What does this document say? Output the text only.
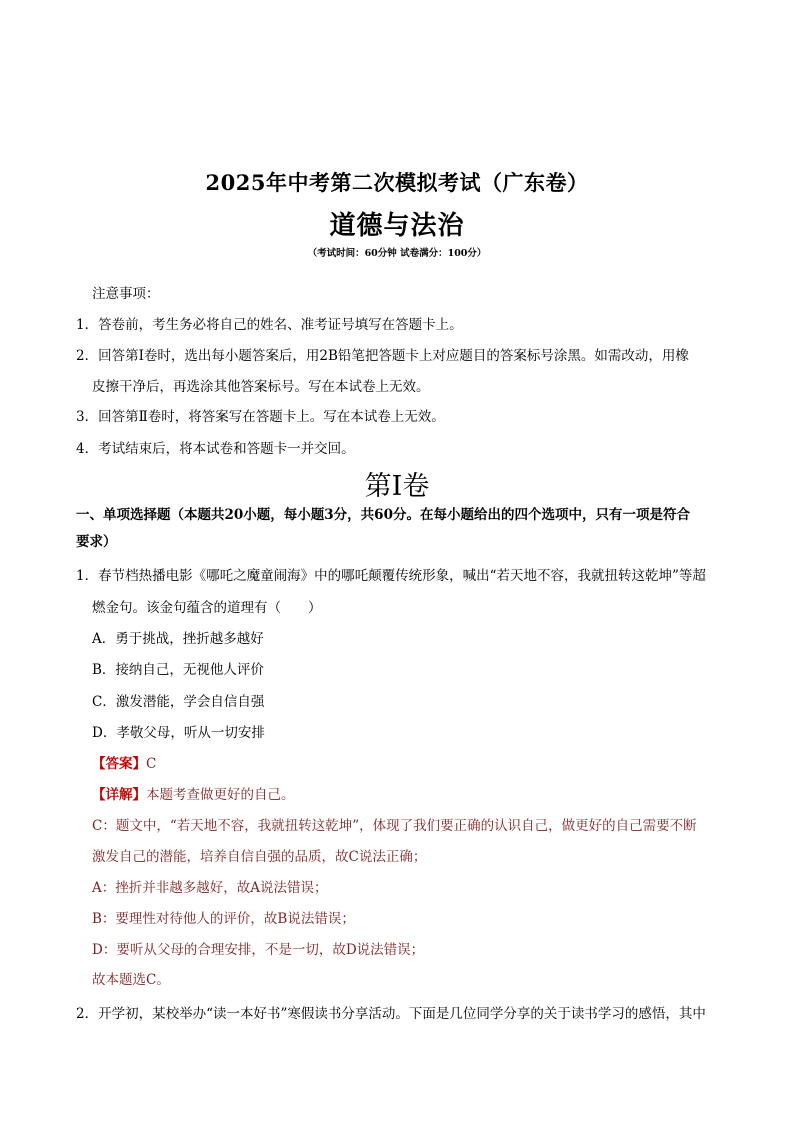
2025年中考第二次模拟考试（广东卷）
道德与法治
（考试时间：60分钟 试卷满分：100分）
注意事项：
1．答卷前，考生务必将自己的姓名、准考证号填写在答题卡上。
2．回答第Ⅰ卷时，选出每小题答案后，用2B铅笔把答题卡上对应题目的答案标号涂黑。如需改动，用橡
皮擦干净后，再选涂其他答案标号。写在本试卷上无效。
3．回答第Ⅱ卷时，将答案写在答题卡上。写在本试卷上无效。
4．考试结束后，将本试卷和答题卡一并交回。
第Ⅰ卷
一、单项选择题（本题共20小题，每小题3分，共60分。在每小题给出的四个选项中，只有一项是符合
要求）
1．春节档热播电影《哪吒之魔童闹海》中的哪吒颠覆传统形象，喊出“若天地不容，我就扭转这乾坤”等超
燃金句。该金句蕴含的道理有（　　）
A．勇于挑战，挫折越多越好
B．接纳自己，无视他人评价
C．激发潜能，学会自信自强
D．孝敬父母，听从一切安排
【答案】C
【详解】本题考查做更好的自己。
C：题文中，“若天地不容，我就扭转这乾坤”，体现了我们要正确的认识自己，做更好的自己需要不断
激发自己的潜能，培养自信自强的品质，故C说法正确；
A：挫折并非越多越好，故A说法错误；
B：要理性对待他人的评价，故B说法错误；
D：要听从父母的合理安排，不是一切，故D说法错误；
故本题选C。
2．开学初，某校举办“读一本好书”寒假读书分享活动。下面是几位同学分享的关于读书学习的感悟，其中
